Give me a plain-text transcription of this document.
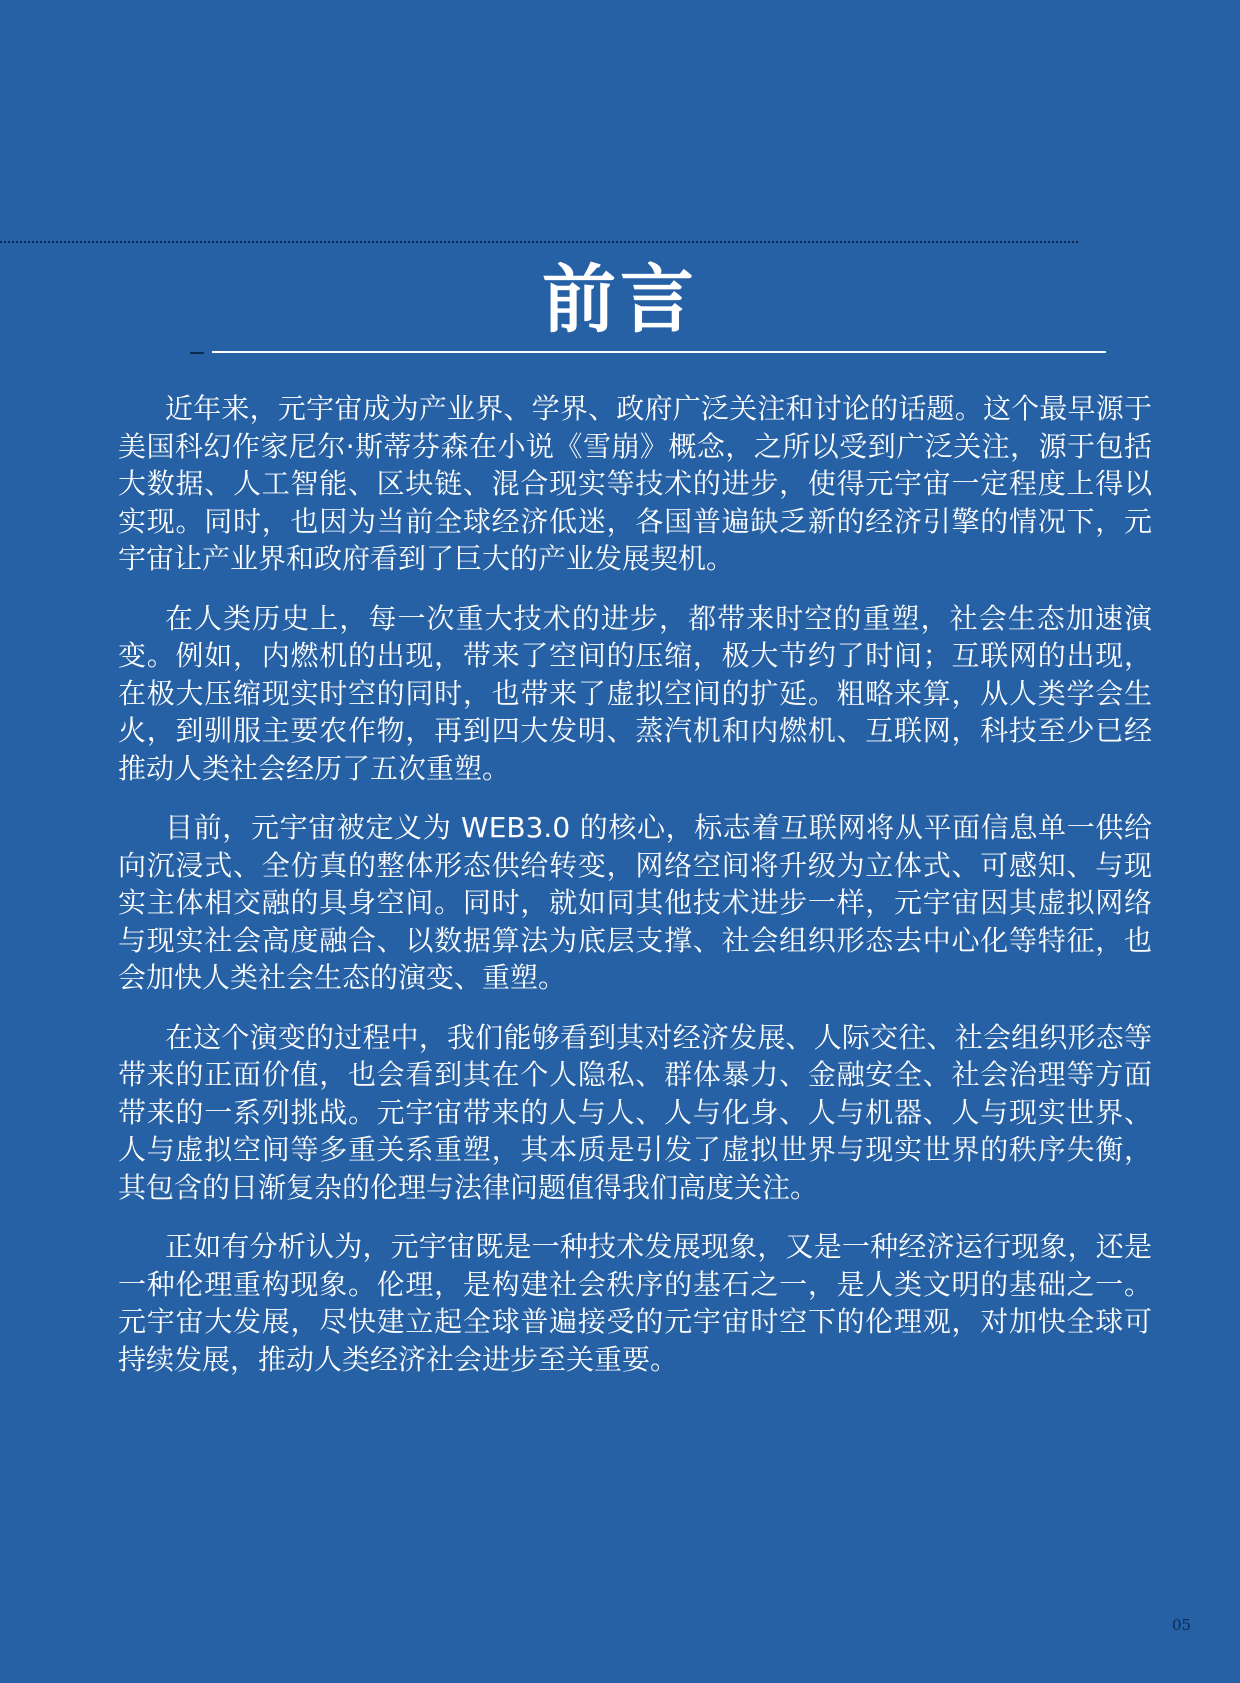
前言

近年来，元宇宙成为产业界、学界、政府广泛关注和讨论的话题。这个最早源于美国科幻作家尼尔·斯蒂芬森在小说《雪崩》概念，之所以受到广泛关注，源于包括大数据、人工智能、区块链、混合现实等技术的进步，使得元宇宙一定程度上得以实现。同时，也因为当前全球经济低迷，各国普遍缺乏新的经济引擎的情况下，元宇宙让产业界和政府看到了巨大的产业发展契机。

在人类历史上，每一次重大技术的进步，都带来时空的重塑，社会生态加速演变。例如，内燃机的出现，带来了空间的压缩，极大节约了时间；互联网的出现，在极大压缩现实时空的同时，也带来了虚拟空间的扩延。粗略来算，从人类学会生火，到驯服主要农作物，再到四大发明、蒸汽机和内燃机、互联网，科技至少已经推动人类社会经历了五次重塑。

目前，元宇宙被定义为 WEB3.0 的核心，标志着互联网将从平面信息单一供给向沉浸式、全仿真的整体形态供给转变，网络空间将升级为立体式、可感知、与现实主体相交融的具身空间。同时，就如同其他技术进步一样，元宇宙因其虚拟网络与现实社会高度融合、以数据算法为底层支撑、社会组织形态去中心化等特征，也会加快人类社会生态的演变、重塑。

在这个演变的过程中，我们能够看到其对经济发展、人际交往、社会组织形态等带来的正面价值，也会看到其在个人隐私、群体暴力、金融安全、社会治理等方面带来的一系列挑战。元宇宙带来的人与人、人与化身、人与机器、人与现实世界、人与虚拟空间等多重关系重塑，其本质是引发了虚拟世界与现实世界的秩序失衡，其包含的日渐复杂的伦理与法律问题值得我们高度关注。

正如有分析认为，元宇宙既是一种技术发展现象，又是一种经济运行现象，还是一种伦理重构现象。伦理，是构建社会秩序的基石之一，是人类文明的基础之一。元宇宙大发展，尽快建立起全球普遍接受的元宇宙时空下的伦理观，对加快全球可持续发展，推动人类经济社会进步至关重要。

05
